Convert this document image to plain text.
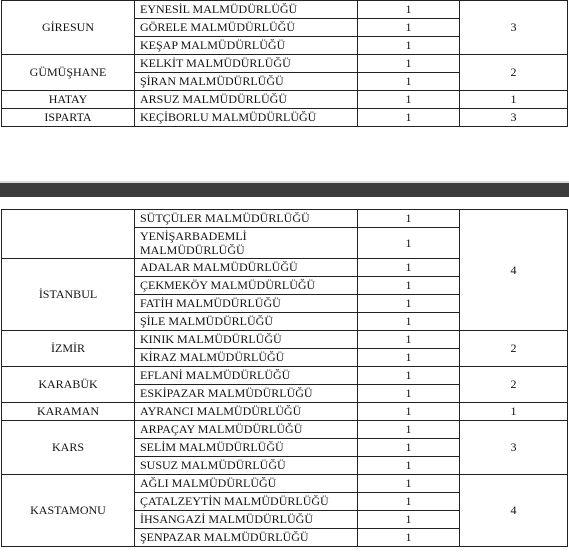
GİRESUN	EYNESİL MALMÜDÜRLÜĞÜ	1	3
	GÖRELE MALMÜDÜRLÜĞÜ	1	
	KEŞAP MALMÜDÜRLÜĞÜ	1	
GÜMÜŞHANE	KELKİT MALMÜDÜRLÜĞÜ	1	2
	ŞİRAN MALMÜDÜRLÜĞÜ	1	
HATAY	ARSUZ MALMÜDÜRLÜĞÜ	1	1
ISPARTA	KEÇİBORLU MALMÜDÜRLÜĞÜ	1	3
	SÜTÇÜLER MALMÜDÜRLÜĞÜ	1	4
	YENİŞARBADEMLİ MALMÜDÜRLÜĞÜ	1	
İSTANBUL	ADALAR MALMÜDÜRLÜĞÜ	1	
	ÇEKMEKÖY MALMÜDÜRLÜĞÜ	1	
	FATİH MALMÜDÜRLÜĞÜ	1	
	ŞİLE MALMÜDÜRLÜĞÜ	1	
İZMİR	KINIK MALMÜDÜRLÜĞÜ	1	2
	KİRAZ MALMÜDÜRLÜĞÜ	1	
KARABÜK	EFLANİ MALMÜDÜRLÜĞÜ	1	2
	ESKİPAZAR MALMÜDÜRLÜĞÜ	1	
KARAMAN	AYRANCI MALMÜDÜRLÜĞÜ	1	1
KARS	ARPAÇAY MALMÜDÜRLÜĞÜ	1	3
	SELİM MALMÜDÜRLÜĞÜ	1	
	SUSUZ MALMÜDÜRLÜĞÜ	1	
KASTAMONU	AĞLI MALMÜDÜRLÜĞÜ	1	4
	ÇATALZEYTİN MALMÜDÜRLÜĞÜ	1	
	İHSANGAZİ MALMÜDÜRLÜĞÜ	1	
	ŞENPAZAR MALMÜDÜRLÜĞÜ	1	
